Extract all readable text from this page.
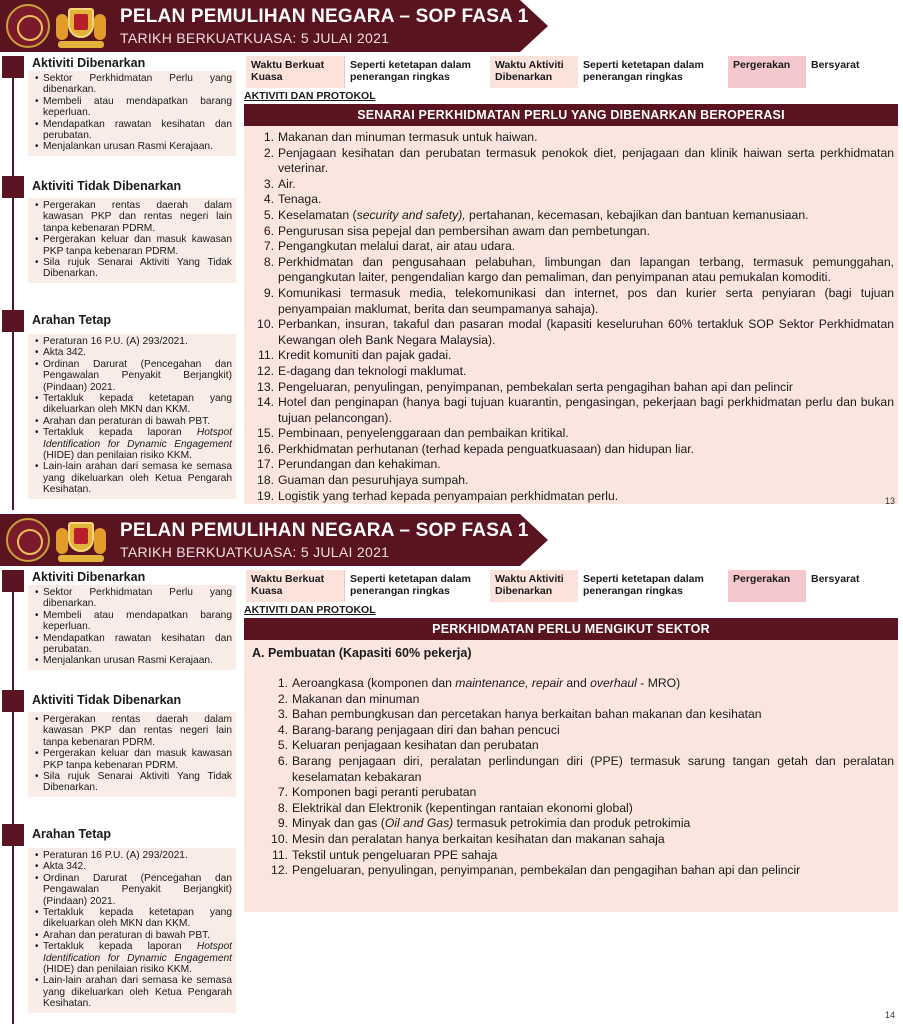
PELAN PEMULIHAN NEGARA – SOP FASA 1
TARIKH BERKUATKUASA: 5 JULAI 2021
Aktiviti Dibenarkan
• Sektor Perkhidmatan Perlu yang dibenarkan.
• Membeli atau mendapatkan barang keperluan.
• Mendapatkan rawatan kesihatan dan perubatan.
• Menjalankan urusan Rasmi Kerajaan.
Aktiviti Tidak Dibenarkan
• Pergerakan rentas daerah dalam kawasan PKP dan rentas negeri lain tanpa kebenaran PDRM.
• Pergerakan keluar dan masuk kawasan PKP tanpa kebenaran PDRM.
• Sila rujuk Senarai Aktiviti Yang Tidak Dibenarkan.
Arahan Tetap
• Peraturan 16 P.U. (A) 293/2021.
• Akta 342.
• Ordinan Darurat (Pencegahan dan Pengawalan Penyakit Berjangkit) (Pindaan) 2021.
• Tertakluk kepada ketetapan yang dikeluarkan oleh MKN dan KKM.
• Arahan dan peraturan di bawah PBT.
• Tertakluk kepada laporan Hotspot Identification for Dynamic Engagement (HIDE) dan penilaian risiko KKM.
• Lain-lain arahan dari semasa ke semasa yang dikeluarkan oleh Ketua Pengarah Kesihatan.
Waktu Berkuat Kuasa
Seperti ketetapan dalam penerangan ringkas
Waktu Aktiviti Dibenarkan
Seperti ketetapan dalam penerangan ringkas
Pergerakan	Bersyarat
AKTIVITI DAN PROTOKOL
SENARAI PERKHIDMATAN PERLU YANG DIBENARKAN BEROPERASI
1. Makanan dan minuman termasuk untuk haiwan.
2. Penjagaan kesihatan dan perubatan termasuk penokok diet, penjagaan dan klinik haiwan serta perkhidmatan veterinar.
3. Air.
4. Tenaga.
5. Keselamatan (security and safety), pertahanan, kecemasan, kebajikan dan bantuan kemanusiaan.
6. Pengurusan sisa pepejal dan pembersihan awam dan pembetungan.
7. Pengangkutan melalui darat, air atau udara.
8. Perkhidmatan dan pengusahaan pelabuhan, limbungan dan lapangan terbang, termasuk pemunggahan, pengangkutan laiter, pengendalian kargo dan pemaliman, dan penyimpanan atau pemukalan komoditi.
9. Komunikasi termasuk media, telekomunikasi dan internet, pos dan kurier serta penyiaran (bagi tujuan penyampaian maklumat, berita dan seumpamanya sahaja).
10. Perbankan, insuran, takaful dan pasaran modal (kapasiti keseluruhan 60% tertakluk SOP Sektor Perkhidmatan Kewangan oleh Bank Negara Malaysia).
11. Kredit komuniti dan pajak gadai.
12. E-dagang dan teknologi maklumat.
13. Pengeluaran, penyulingan, penyimpanan, pembekalan serta pengagihan bahan api dan pelincir
14. Hotel dan penginapan (hanya bagi tujuan kuarantin, pengasingan, pekerjaan bagi perkhidmatan perlu dan bukan tujuan pelancongan).
15. Pembinaan, penyelenggaraan dan pembaikan kritikal.
16. Perkhidmatan perhutanan (terhad kepada penguatkuasaan) dan hidupan liar.
17. Perundangan dan kehakiman.
18. Guaman dan pesuruhjaya sumpah.
19. Logistik yang terhad kepada penyampaian perkhidmatan perlu.	13
PELAN PEMULIHAN NEGARA – SOP FASA 1
TARIKH BERKUATKUASA: 5 JULAI 2021
Aktiviti Dibenarkan
• Sektor Perkhidmatan Perlu yang dibenarkan.
• Membeli atau mendapatkan barang keperluan.
• Mendapatkan rawatan kesihatan dan perubatan.
• Menjalankan urusan Rasmi Kerajaan.
Aktiviti Tidak Dibenarkan
• Pergerakan rentas daerah dalam kawasan PKP dan rentas negeri lain tanpa kebenaran PDRM.
• Pergerakan keluar dan masuk kawasan PKP tanpa kebenaran PDRM.
• Sila rujuk Senarai Aktiviti Yang Tidak Dibenarkan.
Arahan Tetap
• Peraturan 16 P.U. (A) 293/2021.
• Akta 342.
• Ordinan Darurat (Pencegahan dan Pengawalan Penyakit Berjangkit) (Pindaan) 2021.
• Tertakluk kepada ketetapan yang dikeluarkan oleh MKN dan KKM.
• Arahan dan peraturan di bawah PBT.
• Tertakluk kepada laporan Hotspot Identification for Dynamic Engagement (HIDE) dan penilaian risiko KKM.
• Lain-lain arahan dari semasa ke semasa yang dikeluarkan oleh Ketua Pengarah Kesihatan.
Waktu Berkuat Kuasa
Seperti ketetapan dalam penerangan ringkas
Waktu Aktiviti Dibenarkan
Seperti ketetapan dalam penerangan ringkas
Pergerakan	Bersyarat
AKTIVITI DAN PROTOKOL
PERKHIDMATAN PERLU MENGIKUT SEKTOR
A. Pembuatan (Kapasiti 60% pekerja)
1. Aeroangkasa (komponen dan maintenance, repair and overhaul - MRO)
2. Makanan dan minuman
3. Bahan pembungkusan dan percetakan hanya berkaitan bahan makanan dan kesihatan
4. Barang-barang penjagaan diri dan bahan pencuci
5. Keluaran penjagaan kesihatan dan perubatan
6. Barang penjagaan diri, peralatan perlindungan diri (PPE) termasuk sarung tangan getah dan peralatan keselamatan kebakaran
7. Komponen bagi peranti perubatan
8. Elektrikal dan Elektronik (kepentingan rantaian ekonomi global)
9. Minyak dan gas (Oil and Gas) termasuk petrokimia dan produk petrokimia
10. Mesin dan peralatan hanya berkaitan kesihatan dan makanan sahaja
11. Tekstil untuk pengeluaran PPE sahaja
12. Pengeluaran, penyulingan, penyimpanan, pembekalan dan pengagihan bahan api dan pelincir
14
